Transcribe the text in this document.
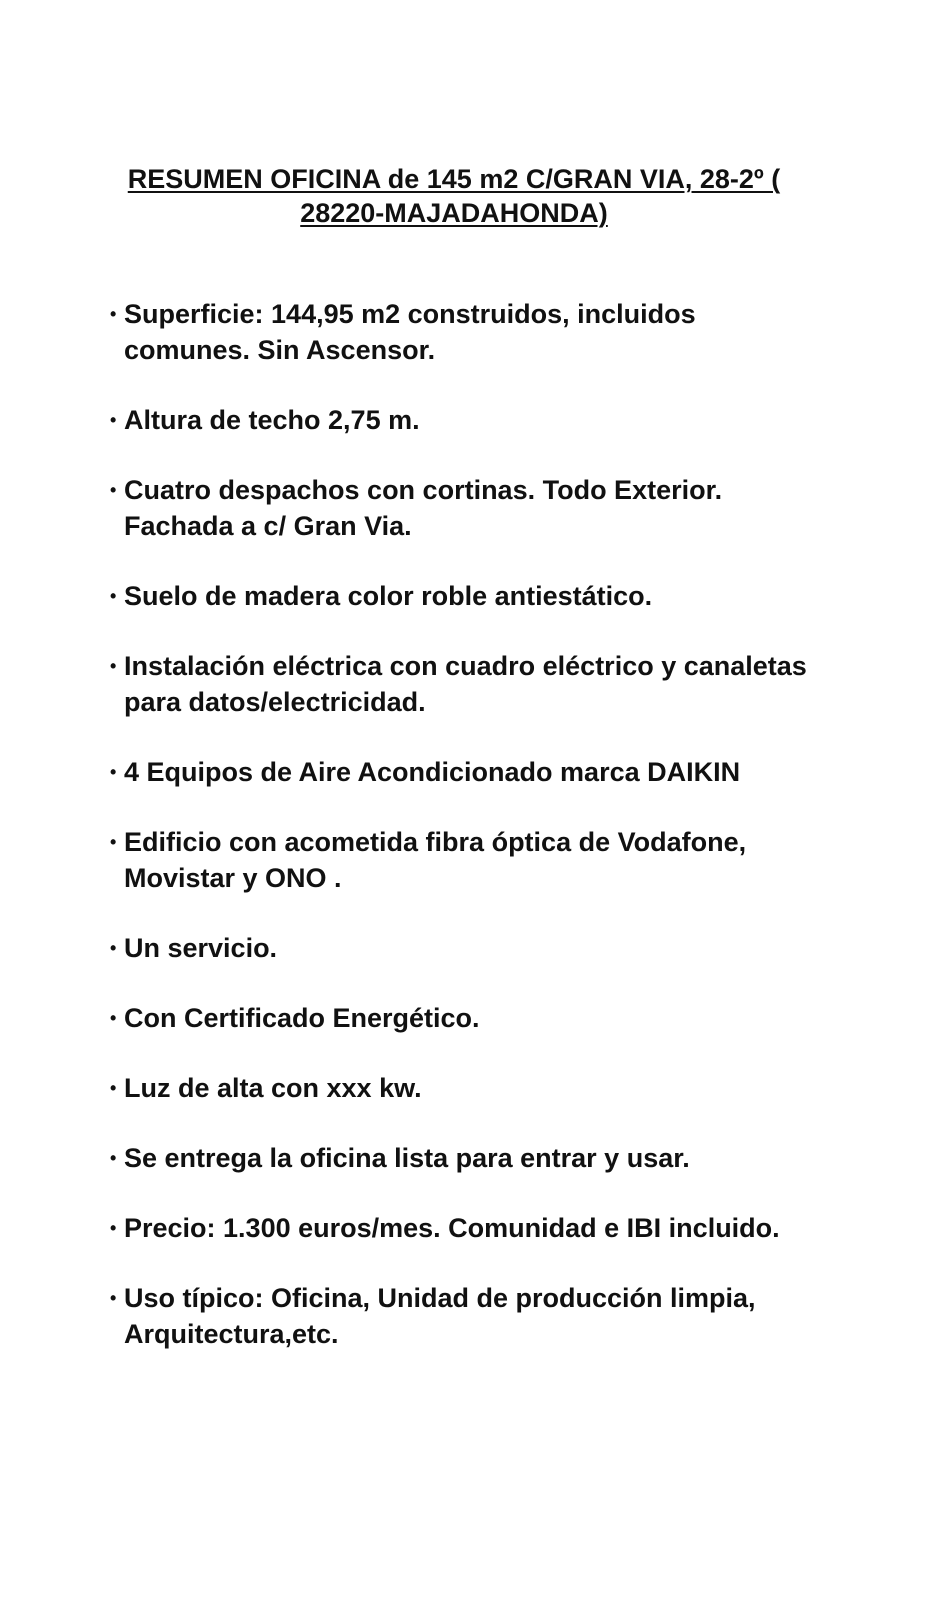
RESUMEN OFICINA de 145 m2 C/GRAN VIA, 28-2º (
28220-MAJADAHONDA)
• Superficie: 144,95 m2 construidos, incluidos comunes. Sin Ascensor.
• Altura de techo 2,75 m.
• Cuatro despachos con cortinas. Todo Exterior. Fachada a c/ Gran Via.
• Suelo de madera color roble antiestático.
• Instalación eléctrica con cuadro eléctrico y canaletas para datos/electricidad.
• 4 Equipos de Aire Acondicionado marca DAIKIN
• Edificio con acometida fibra óptica de Vodafone, Movistar y ONO .
• Un servicio.
• Con Certificado Energético.
• Luz de alta con xxx kw.
• Se entrega la oficina lista para entrar y usar.
• Precio: 1.300 euros/mes. Comunidad e IBI incluido.
• Uso típico: Oficina, Unidad de producción limpia, Arquitectura,etc.
